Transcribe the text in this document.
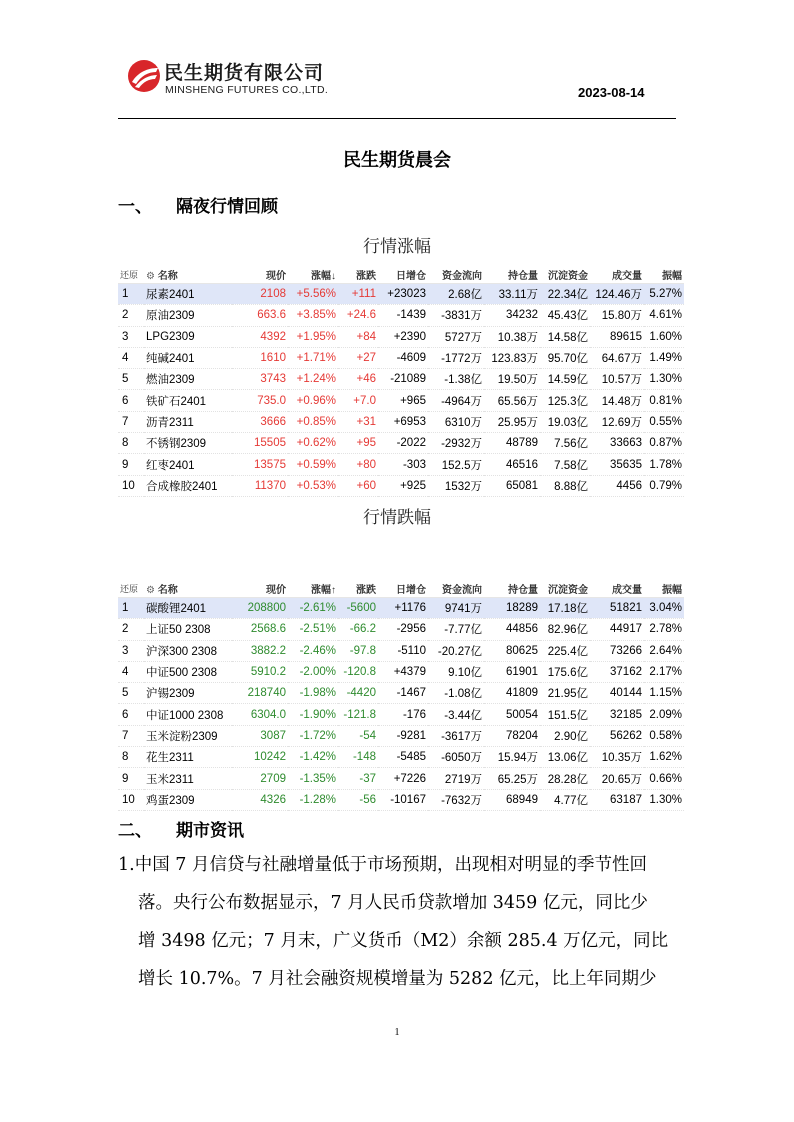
民生期货有限公司
MINSHENG FUTURES CO.,LTD.	2023-08-14
民生期货晨会
一、 隔夜行情回顾
行情涨幅
还原	⚙ 名称	现价	涨幅↓	涨跌	日增仓	资金流向	持仓量	沉淀资金	成交量	振幅
1	尿素2401	2108	+5.56%	+111	+23023	2.68亿	33.11万	22.34亿	124.46万	5.27%
2	原油2309	663.6	+3.85%	+24.6	-1439	-3831万	34232	45.43亿	15.80万	4.61%
3	LPG2309	4392	+1.95%	+84	+2390	5727万	10.38万	14.58亿	89615	1.60%
4	纯碱2401	1610	+1.71%	+27	-4609	-1772万	123.83万	95.70亿	64.67万	1.49%
5	燃油2309	3743	+1.24%	+46	-21089	-1.38亿	19.50万	14.59亿	10.57万	1.30%
6	铁矿石2401	735.0	+0.96%	+7.0	+965	-4964万	65.56万	125.3亿	14.48万	0.81%
7	沥青2311	3666	+0.85%	+31	+6953	6310万	25.95万	19.03亿	12.69万	0.55%
8	不锈钢2309	15505	+0.62%	+95	-2022	-2932万	48789	7.56亿	33663	0.87%
9	红枣2401	13575	+0.59%	+80	-303	152.5万	46516	7.58亿	35635	1.78%
10	合成橡胶2401	11370	+0.53%	+60	+925	1532万	65081	8.88亿	4456	0.79%
行情跌幅
还原	⚙ 名称	现价	涨幅↑	涨跌	日增仓	资金流向	持仓量	沉淀资金	成交量	振幅
1	碳酸锂2401	208800	-2.61%	-5600	+1176	9741万	18289	17.18亿	51821	3.04%
2	上证50 2308	2568.6	-2.51%	-66.2	-2956	-7.77亿	44856	82.96亿	44917	2.78%
3	沪深300 2308	3882.2	-2.46%	-97.8	-5110	-20.27亿	80625	225.4亿	73266	2.64%
4	中证500 2308	5910.2	-2.00%	-120.8	+4379	9.10亿	61901	175.6亿	37162	2.17%
5	沪锡2309	218740	-1.98%	-4420	-1467	-1.08亿	41809	21.95亿	40144	1.15%
6	中证1000 2308	6304.0	-1.90%	-121.8	-176	-3.44亿	50054	151.5亿	32185	2.09%
7	玉米淀粉2309	3087	-1.72%	-54	-9281	-3617万	78204	2.90亿	56262	0.58%
8	花生2311	10242	-1.42%	-148	-5485	-6050万	15.94万	13.06亿	10.35万	1.62%
9	玉米2311	2709	-1.35%	-37	+7226	2719万	65.25万	28.28亿	20.65万	0.66%
10	鸡蛋2309	4326	-1.28%	-56	-10167	-7632万	68949	4.77亿	63187	1.30%
二、 期市资讯
1.中国 7 月信贷与社融增量低于市场预期，出现相对明显的季节性回
落。央行公布数据显示，7 月人民币贷款增加 3459 亿元，同比少
增 3498 亿元；7 月末，广义货币（M2）余额 285.4 万亿元，同比
增长 10.7%。7 月社会融资规模增量为 5282 亿元，比上年同期少
1
